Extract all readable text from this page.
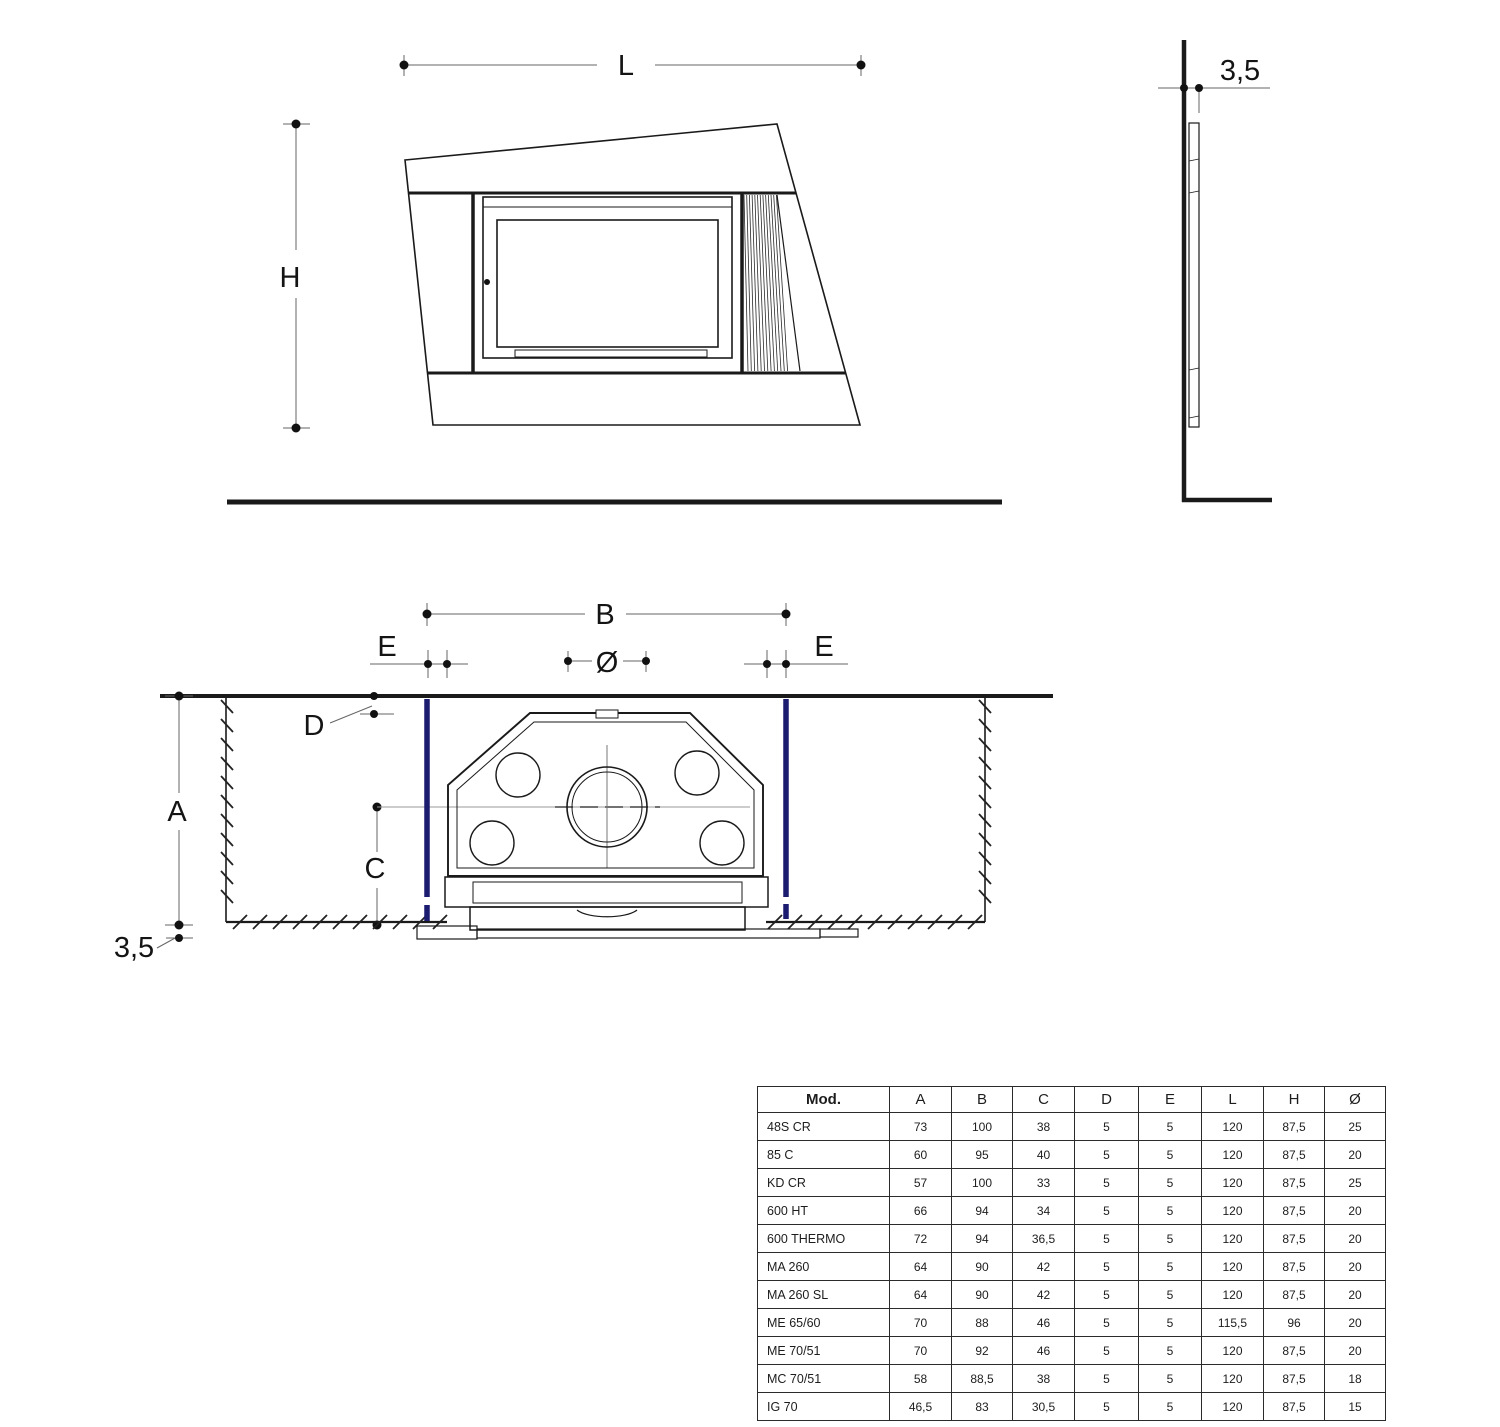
L
H
3,5
B
E	E
Ø
A
3,5
D
C
Mod.	A	B	C	D	E	L	H	Ø
48S CR	73	100	38	5	5	120	87,5	25
85 C	60	95	40	5	5	120	87,5	20
KD CR	57	100	33	5	5	120	87,5	25
600 HT	66	94	34	5	5	120	87,5	20
600 THERMO	72	94	36,5	5	5	120	87,5	20
MA 260	64	90	42	5	5	120	87,5	20
MA 260 SL	64	90	42	5	5	120	87,5	20
ME 65/60	70	88	46	5	5	115,5	96	20
ME 70/51	70	92	46	5	5	120	87,5	20
MC 70/51	58	88,5	38	5	5	120	87,5	18
IG 70	46,5	83	30,5	5	5	120	87,5	15
